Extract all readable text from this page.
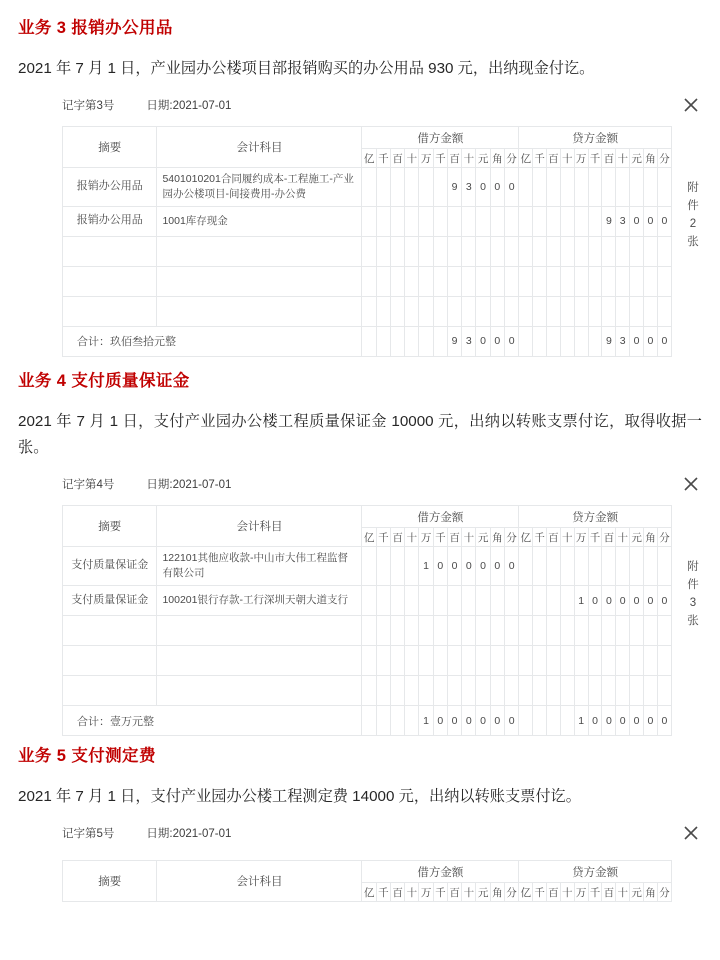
业务 3 报销办公用品
2021 年 7 月 1 日，产业园办公楼项目部报销购买的办公用品 930 元，出纳现金付讫。
记字第3号	日期:2021-07-01
摘要	会计科目	借方金额											贷方金额										
		亿	千	百	十	万	千	百	十	元	角	分	亿	千	百	十	万	千	百	十	元	角	分
报销办公用品	5401010201合同履约成本-工程施工-产业园办公楼项目-间接费用-办公费							9	3	0	0	0											
报销办公用品	1001库存现金																		9	3	0	0	0

合计：玖佰叁拾元整								9	3	0	0	0							9	3	0	0	0
附
件
2
张
业务 4 支付质量保证金
2021 年 7 月 1 日，支付产业园办公楼工程质量保证金 10000 元，出纳以转账支票付讫，取得收据一张。
记字第4号	日期:2021-07-01
摘要	会计科目	借方金额											贷方金额										
		亿	千	百	十	万	千	百	十	元	角	分	亿	千	百	十	万	千	百	十	元	角	分
支付质量保证金	122101其他应收款-中山市大伟工程监督有限公司					1	0	0	0	0	0	0											
支付质量保证金	100201银行存款-工行深圳天朝大道支行																1	0	0	0	0	0	0

合计：壹万元整						1	0	0	0	0	0	0					1	0	0	0	0	0	0
附
件
3
张
业务 5 支付测定费
2021 年 7 月 1 日，支付产业园办公楼工程测定费 14000 元，出纳以转账支票付讫。
记字第5号	日期:2021-07-01
摘要	会计科目	借方金额											贷方金额										
		亿	千	百	十	万	千	百	十	元	角	分	亿	千	百	十	万	千	百	十	元	角	分
